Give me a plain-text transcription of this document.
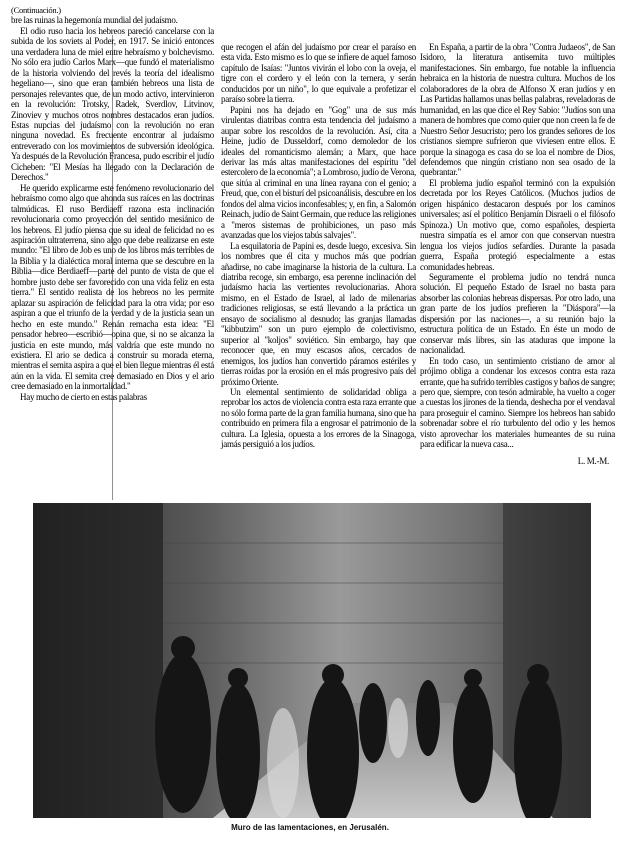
(Continuación.)

bre las ruinas la hegemonía mundial del judaísmo.

El odio ruso hacia los hebreos pareció cancelarse con la subida de los soviets al Poder, en 1917. Se inició entonces una verdadera luna de miel entre hebraísmo y bolchevismo. No sólo era judío Carlos Marx—que fundó el materialismo de la historia volviendo del revés la teoría del idealismo hegeliano—, sino que eran también hebreos una lista de personajes relevantes que, de un modo activo, intervinieron en la revolución: Trotsky, Radek, Sverdlov, Litvinov, Zinoviev y muchos otros nombres destacados eran judíos. Estas nupcias del judaísmo con la revolución no eran ninguna novedad. Es frecuente encontrar al judaísmo entreverado con los movimientos de subversión ideológica. Ya después de la Revolución Francesa, pudo escribir el judío Cicheben: "El Mesías ha llegado con la Declaración de Derechos."

He querido explicarme este fenómeno revolucionario del hebraísmo como algo que ahonda sus raíces en las doctrinas talmúdicas. El ruso Berdiaeff razona esta inclinación revolucionaria como proyección del sentido mesiánico de los hebreos. El judío piensa que su ideal de felicidad no es aspiración ultraterrena, sino algo que debe realizarse en este mundo: "El libro de Job es uno de los libros más terribles de la Biblia y la dialéctica moral interna que se descubre en la Biblia—dice Berdiaeff—parte del punto de vista de que el hombre justo debe ser favorecido con una vida feliz en esta tierra." El sentido realista de los hebreos no les permite aplazar su aspiración de felicidad para la otra vida; por eso aspiran a que el triunfo de la verdad y de la justicia sean un hecho en este mundo." Renán remacha esta idea: "El pensador hebreo—escribió—opina que, si no se alcanza la justicia en este mundo, más valdría que este mundo no existiera. El ario se dedica a construir su morada eterna, mientras el semita aspira a que el bien llegue mientras él está aún en la vida. El semita cree demasiado en Dios y el ario cree demasiado en la inmortalidad."

Hay mucho de cierto en estas palabras

que recogen el afán del judaísmo por crear el paraíso en esta vida. Esto mismo es lo que se infiere de aquel famoso capítulo de Isaías: "Juntos vivirán el lobo con la oveja, el tigre con el cordero y el león con la ternera, y serán conducidos por un niño", lo que equivale a profetizar el paraíso sobre la tierra.

Papini nos ha dejado en "Gog" una de sus más virulentas diatribas contra esta tendencia del judaísmo a aupar sobre los rescoldos de la revolución. Así, cita a Heine, judío de Dusseldorf, como demoledor de los ideales del romanticismo alemán; a Marx, que hace derivar las más altas manifestaciones del espíritu "del estercolero de la economía"; a Lombroso, judío de Verona, que sitúa al criminal en una línea rayana con el genio; a Freud, que, con el bisturí del psicoanálisis, descubre en los fondos del alma vicios inconfesables; y, en fin, a Salomón Reinach, judío de Saint Germain, que reduce las religiones a "meros sistemas de prohibiciones, un paso más avanzadas que los viejos tabús salvajes".

La esquilatoria de Papini es, desde luego, excesiva. Sin los nombres que él cita y muchos más que podrían añadirse, no cabe imaginarse la historia de la cultura. La diatriba recoge, sin embargo, esa perenne inclinación del judaísmo hacia las vertientes revolucionarias. Ahora mismo, en el Estado de Israel, al lado de milenarias tradiciones religiosas, se está llevando a la práctica un ensayo de socialismo al desnudo; las granjas llamadas "kibbutzim" son un puro ejemplo de colectivismo, superior al "koljos" soviético. Sin embargo, hay que reconocer que, en muy escasos años, cercados de enemigos, los judíos han convertido páramos estériles y tierras roídas por la erosión en el más progresivo país del próximo Oriente.

Un elemental sentimiento de solidaridad obliga a reprobar los actos de violencia contra esta raza errante que no sólo forma parte de la gran familia humana, sino que ha contribuido en primera fila a engrosar el patrimonio de la cultura. La Iglesia, opuesta a los errores de la Sinagoga, jamás persiguió a los judíos.

En España, a partir de la obra "Contra Judaeos", de San Isidoro, la literatura antisemita tuvo múltiples manifestaciones. Sin embargo, fue notable la influencia hebraica en la historia de nuestra cultura. Muchos de los colaboradores de la obra de Alfonso X eran judíos y en Las Partidas hallamos unas bellas palabras, reveladoras de humanidad, en las que dice el Rey Sabio: "Judíos son una manera de hombres que como quier que non creen la fe de Nuestro Señor Jesucristo; pero los grandes señores de los cristianos siempre sufrieron que viviesen entre ellos. E porque la sinagoga es casa do se loa el nombre de Dios, defendemos que ningún cristiano non sea osado de la quebrantar."

El problema judío español terminó con la expulsión decretada por los Reyes Católicos. (Muchos judíos de origen hispánico destacaron después por los caminos universales; así el político Benjamín Disraeli o el filósofo Spinoza.) Un motivo que, como españoles, despierta nuestra simpatía es el amor con que conservan nuestra lengua los viejos judíos sefardíes. Durante la pasada guerra, España protegió especialmente a estas comunidades hebreas.

Seguramente el problema judío no tendrá nunca solución. El pequeño Estado de Israel no basta para absorber las colonias hebreas dispersas. Por otro lado, una gran parte de los judíos prefieren la "Diáspora"—la dispersión por las naciones—, a su reunión bajo la estructura política de un Estado. En éste un modo de conservar más libres, sin las ataduras que impone la nacionalidad.

En todo caso, un sentimiento cristiano de amor al prójimo obliga a condenar los excesos contra esta raza errante, que ha sufrido terribles castigos y baños de sangre; pero que, siempre, con tesón admirable, ha vuelto a coger a cuestas los jirones de la tienda, deshecha por el vendaval para proseguir el camino. Siempre los hebreos han sabido sobrenadar sobre el río turbulento del odio y les hemos visto aprovechar los materiales humeantes de su ruina para edificar la nueva casa...

L. M.-M.

Muro de las lamentaciones, en Jerusalén.
